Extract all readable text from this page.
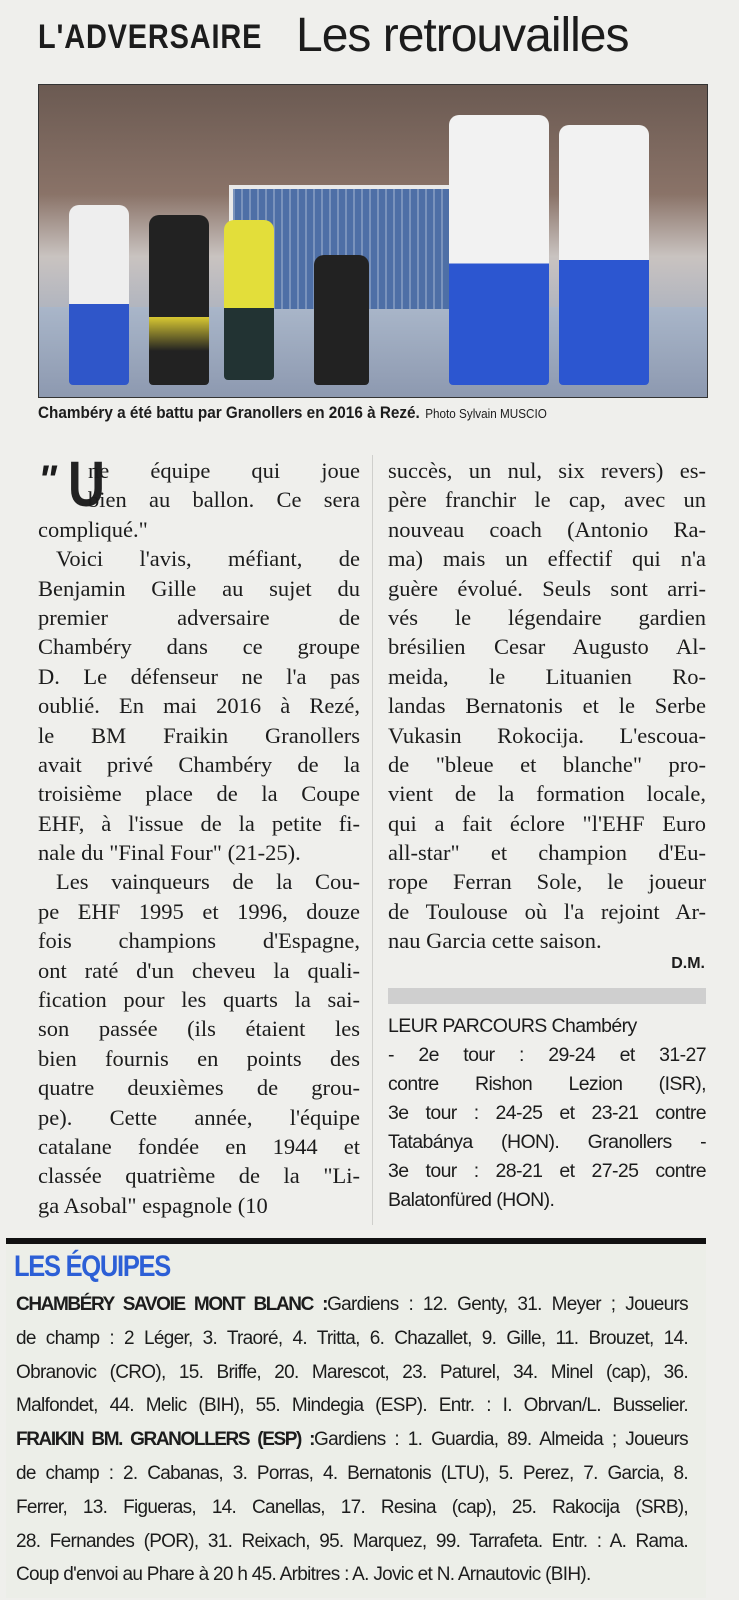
L'ADVERSAIRE Les retrouvailles
Chambéry a été battu par Granollers en 2016 à Rezé. Photo Sylvain MUSCIO
" U
ne équipe qui joue
bien au ballon. Ce sera
compliqué."
Voici l'avis, méfiant, de
Benjamin Gille au sujet du
premier adversaire de
Chambéry dans ce groupe
D. Le défenseur ne l'a pas
oublié. En mai 2016 à Rezé,
le BM Fraikin Granollers
avait privé Chambéry de la
troisième place de la Coupe
EHF, à l'issue de la petite fi-
nale du "Final Four" (21-25).
Les vainqueurs de la Cou-
pe EHF 1995 et 1996, douze
fois champions d'Espagne,
ont raté d'un cheveu la quali-
fication pour les quarts la sai-
son passée (ils étaient les
bien fournis en points des
quatre deuxièmes de grou-
pe). Cette année, l'équipe
catalane fondée en 1944 et
classée quatrième de la "Li-
ga Asobal" espagnole (10
succès, un nul, six revers) es-
père franchir le cap, avec un
nouveau coach (Antonio Ra-
ma) mais un effectif qui n'a
guère évolué. Seuls sont arri-
vés le légendaire gardien
brésilien Cesar Augusto Al-
meida, le Lituanien Ro-
landas Bernatonis et le Serbe
Vukasin Rokocija. L'escoua-
de "bleue et blanche" pro-
vient de la formation locale,
qui a fait éclore "l'EHF Euro
all-star" et champion d'Eu-
rope Ferran Sole, le joueur
de Toulouse où l'a rejoint Ar-
nau Garcia cette saison.
D.M.
LEUR PARCOURS Chambéry
- 2e tour : 29-24 et 31-27
contre Rishon Lezion (ISR),
3e tour : 24-25 et 23-21 contre
Tatabánya (HON). Granollers -
3e tour : 28-21 et 27-25 contre
Balatonfüred (HON).
LES ÉQUIPES
CHAMBÉRY SAVOIE MONT BLANC :Gardiens : 12. Genty, 31. Meyer ; Joueurs
de champ : 2 Léger, 3. Traoré, 4. Tritta, 6. Chazallet, 9. Gille, 11. Brouzet, 14.
Obranovic (CRO), 15. Briffe, 20. Marescot, 23. Paturel, 34. Minel (cap), 36.
Malfondet, 44. Melic (BIH), 55. Mindegia (ESP). Entr. : I. Obrvan/L. Busselier.
FRAIKIN BM. GRANOLLERS (ESP) :Gardiens : 1. Guardia, 89. Almeida ; Joueurs
de champ : 2. Cabanas, 3. Porras, 4. Bernatonis (LTU), 5. Perez, 7. Garcia, 8.
Ferrer, 13. Figueras, 14. Canellas, 17. Resina (cap), 25. Rakocija (SRB),
28. Fernandes (POR), 31. Reixach, 95. Marquez, 99. Tarrafeta. Entr. : A. Rama.
Coup d'envoi au Phare à 20 h 45. Arbitres : A. Jovic et N. Arnautovic (BIH).
